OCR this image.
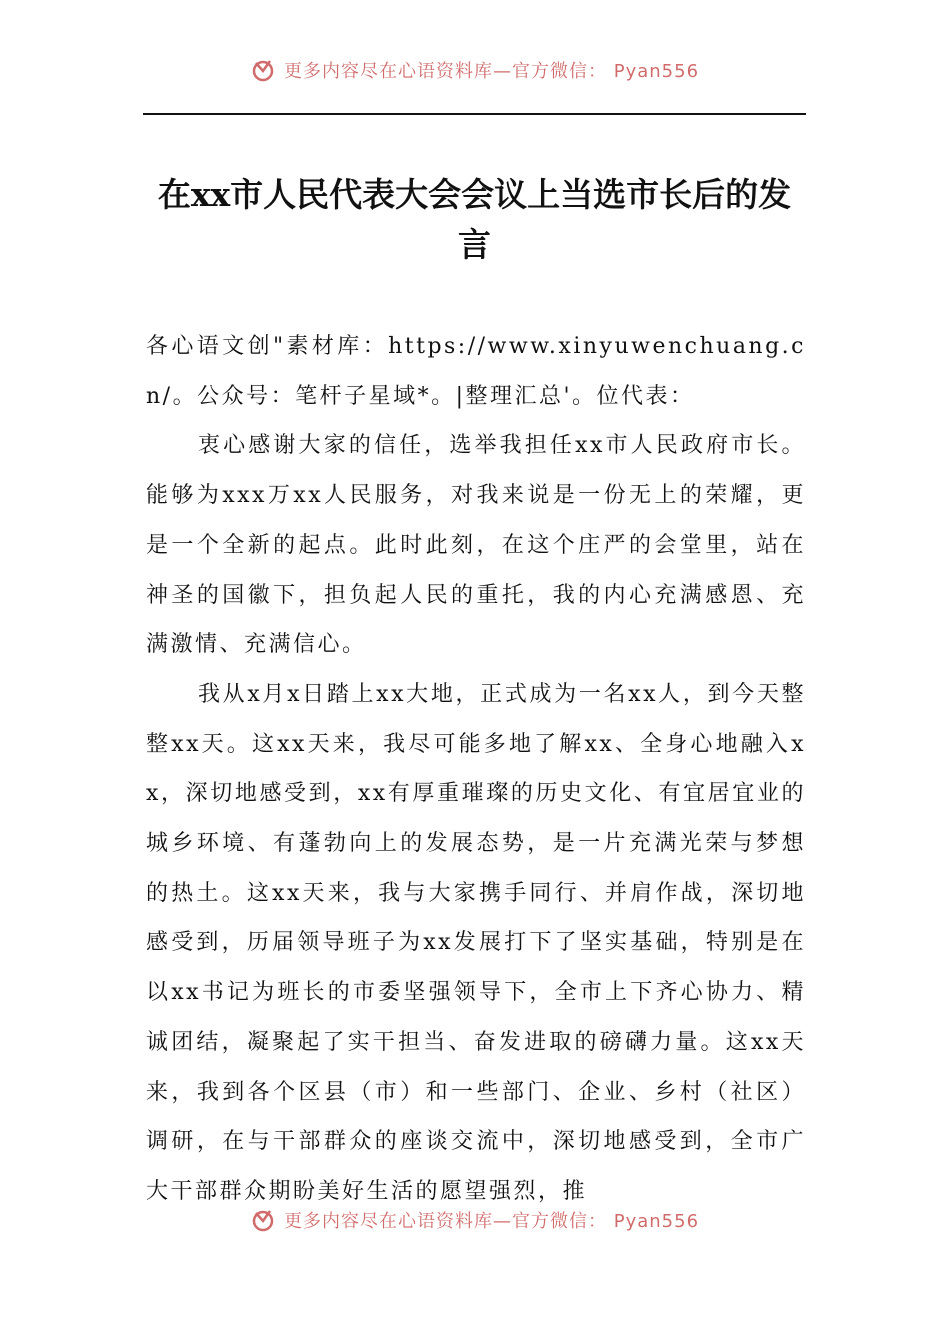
更多内容尽在心语资料库—官方微信： Pyan556
在xx市人民代表大会会议上当选市长后的发言

各心语文创"素材库：https://www.xinyuwenchuang.cn/。公众号：笔杆子星域*。|整理汇总'。位代表：

衷心感谢大家的信任，选举我担任xx市人民政府市长。能够为xxx万xx人民服务，对我来说是一份无上的荣耀，更是一个全新的起点。此时此刻，在这个庄严的会堂里，站在神圣的国徽下，担负起人民的重托，我的内心充满感恩、充满激情、充满信心。

我从x月x日踏上xx大地，正式成为一名xx人，到今天整整xx天。这xx天来，我尽可能多地了解xx、全身心地融入xx，深切地感受到，xx有厚重璀璨的历史文化、有宜居宜业的城乡环境、有蓬勃向上的发展态势，是一片充满光荣与梦想的热土。这xx天来，我与大家携手同行、并肩作战，深切地感受到，历届领导班子为xx发展打下了坚实基础，特别是在以xx书记为班长的市委坚强领导下，全市上下齐心协力、精诚团结，凝聚起了实干担当、奋发进取的磅礴力量。这xx天来，我到各个区县（市）和一些部门、企业、乡村（社区）调研，在与干部群众的座谈交流中，深切地感受到，全市广大干部群众期盼美好生活的愿望强烈，推

更多内容尽在心语资料库—官方微信： Pyan556
